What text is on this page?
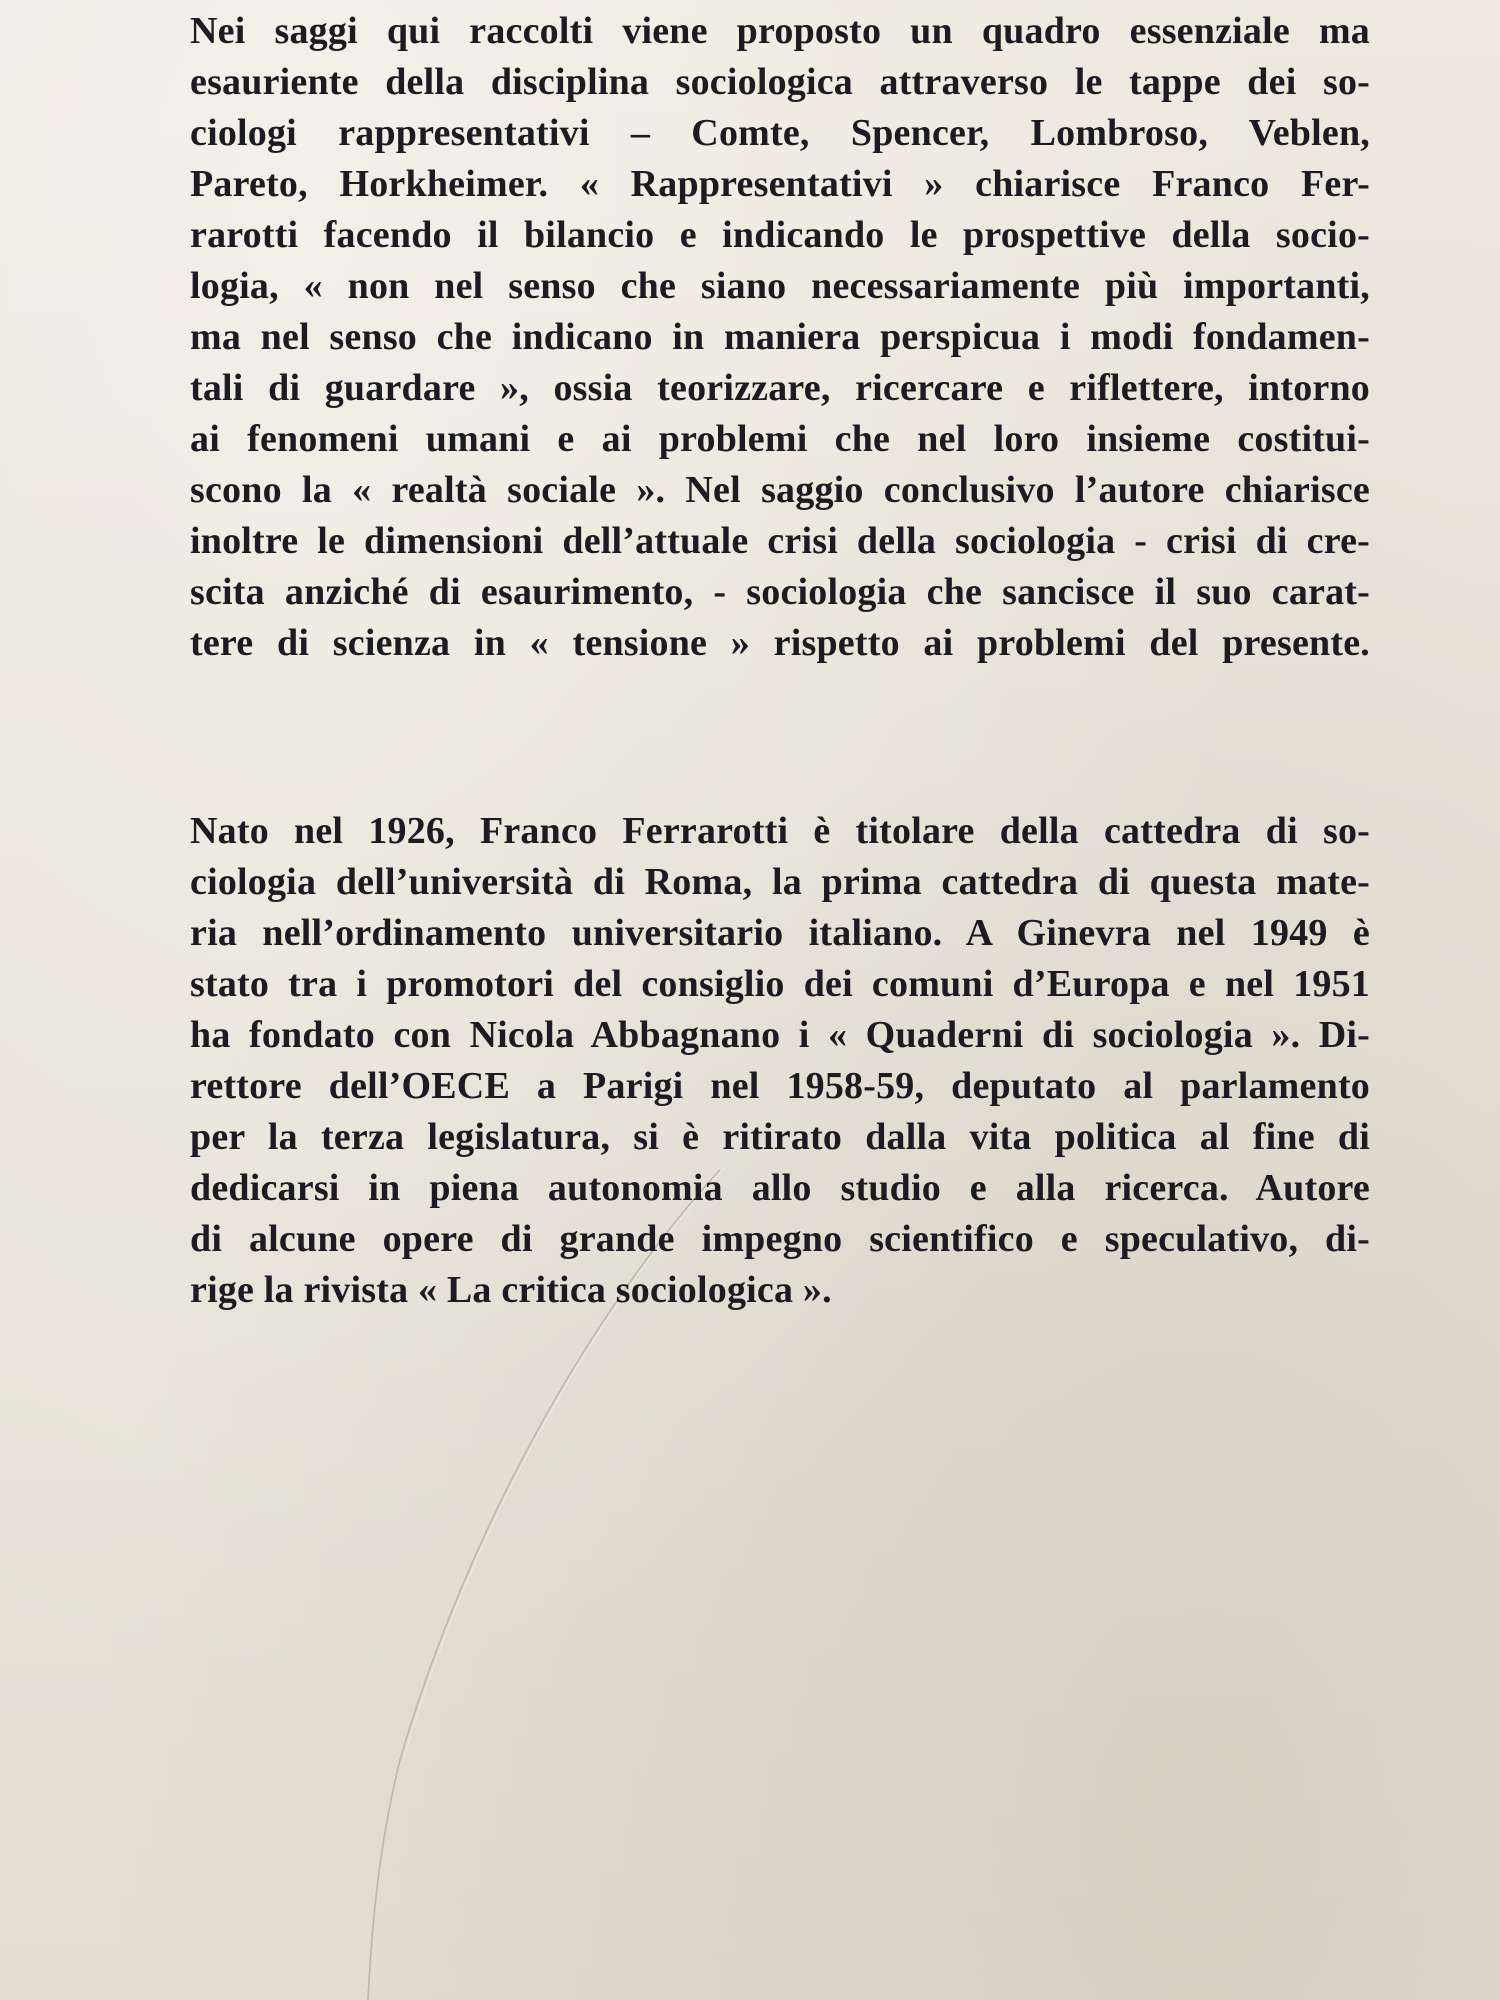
Nei saggi qui raccolti viene proposto un quadro essenziale ma
esauriente della disciplina sociologica attraverso le tappe dei so-
ciologi rappresentativi – Comte, Spencer, Lombroso, Veblen,
Pareto, Horkheimer. « Rappresentativi » chiarisce Franco Fer-
rarotti facendo il bilancio e indicando le prospettive della socio-
logia, « non nel senso che siano necessariamente più importanti,
ma nel senso che indicano in maniera perspicua i modi fondamen-
tali di guardare », ossia teorizzare, ricercare e riflettere, intorno
ai fenomeni umani e ai problemi che nel loro insieme costitui-
scono la « realtà sociale ». Nel saggio conclusivo l’autore chiarisce
inoltre le dimensioni dell’attuale crisi della sociologia - crisi di cre-
scita anziché di esaurimento, - sociologia che sancisce il suo carat-
tere di scienza in « tensione » rispetto ai problemi del presente.
Nato nel 1926, Franco Ferrarotti è titolare della cattedra di so-
ciologia dell’università di Roma, la prima cattedra di questa mate-
ria nell’ordinamento universitario italiano. A Ginevra nel 1949 è
stato tra i promotori del consiglio dei comuni d’Europa e nel 1951
ha fondato con Nicola Abbagnano i « Quaderni di sociologia ». Di-
rettore dell’OECE a Parigi nel 1958-59, deputato al parlamento
per la terza legislatura, si è ritirato dalla vita politica al fine di
dedicarsi in piena autonomia allo studio e alla ricerca. Autore
di alcune opere di grande impegno scientifico e speculativo, di-
rige la rivista « La critica sociologica ».
